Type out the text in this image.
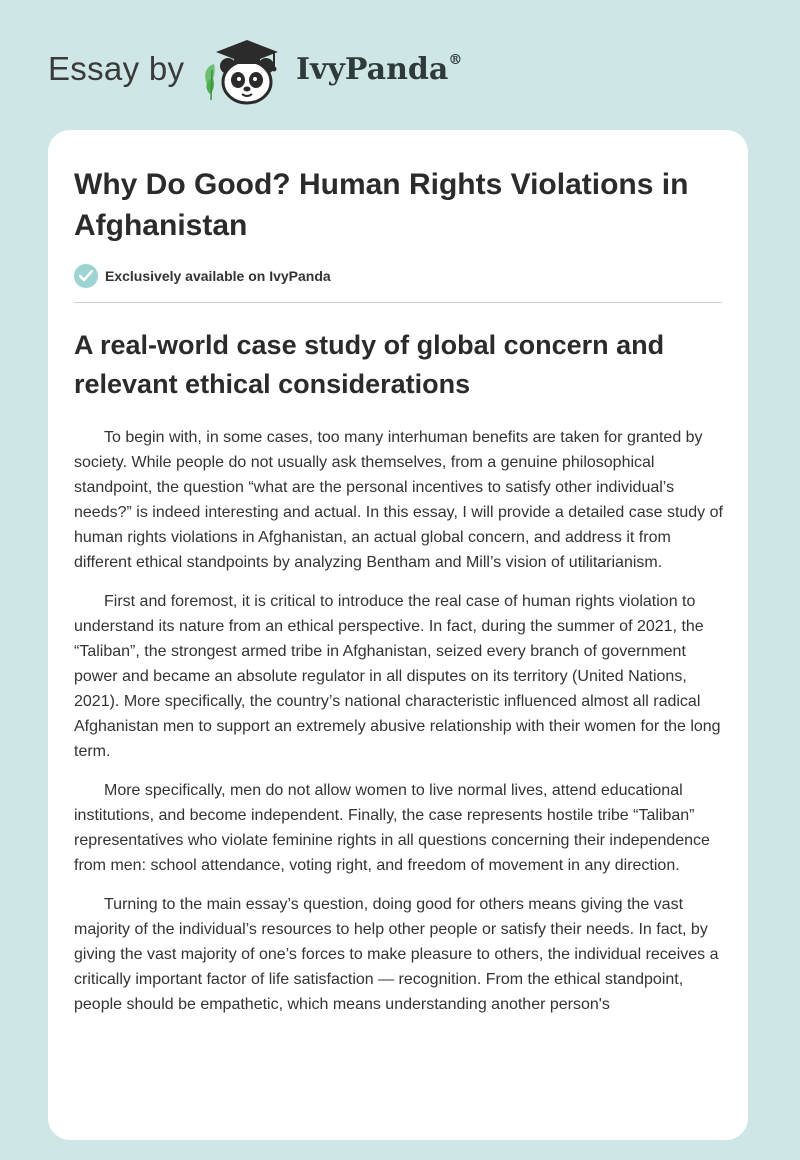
Essay by	IvyPanda®
Why Do Good? Human Rights Violations in Afghanistan
Exclusively available on IvyPanda
A real-world case study of global concern and relevant ethical considerations

To begin with, in some cases, too many interhuman benefits are taken for granted by society. While people do not usually ask themselves, from a genuine philosophical standpoint, the question “what are the personal incentives to satisfy other individual’s needs?” is indeed interesting and actual. In this essay, I will provide a detailed case study of human rights violations in Afghanistan, an actual global concern, and address it from different ethical standpoints by analyzing Bentham and Mill’s vision of utilitarianism.

First and foremost, it is critical to introduce the real case of human rights violation to understand its nature from an ethical perspective. In fact, during the summer of 2021, the “Taliban”, the strongest armed tribe in Afghanistan, seized every branch of government power and became an absolute regulator in all disputes on its territory (United Nations, 2021). More specifically, the country’s national characteristic influenced almost all radical Afghanistan men to support an extremely abusive relationship with their women for the long term.

More specifically, men do not allow women to live normal lives, attend educational institutions, and become independent. Finally, the case represents hostile tribe “Taliban” representatives who violate feminine rights in all questions concerning their independence from men: school attendance, voting right, and freedom of movement in any direction.

Turning to the main essay’s question, doing good for others means giving the vast majority of the individual’s resources to help other people or satisfy their needs. In fact, by giving the vast majority of one’s forces to make pleasure to others, the individual receives a critically important factor of life satisfaction — recognition. From the ethical standpoint, people should be empathetic, which means understanding another person's
